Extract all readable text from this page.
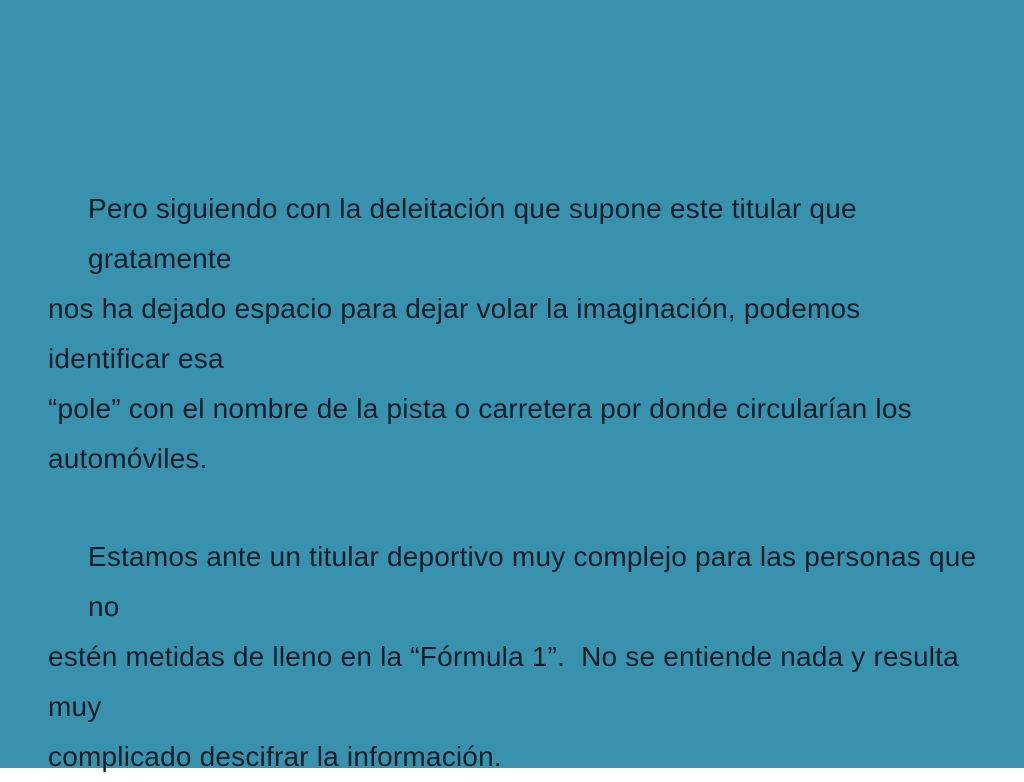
Pero siguiendo con la deleitación que supone este titular que  gratamente
nos ha dejado espacio para dejar volar la imaginación, podemos identificar esa
“pole” con el nombre de la pista o carretera por donde circularían los
automóviles.
Estamos ante un titular deportivo muy complejo para las personas que no
estén metidas de lleno en la “Fórmula 1”.  No se entiende nada y resulta muy
complicado descifrar la información.
